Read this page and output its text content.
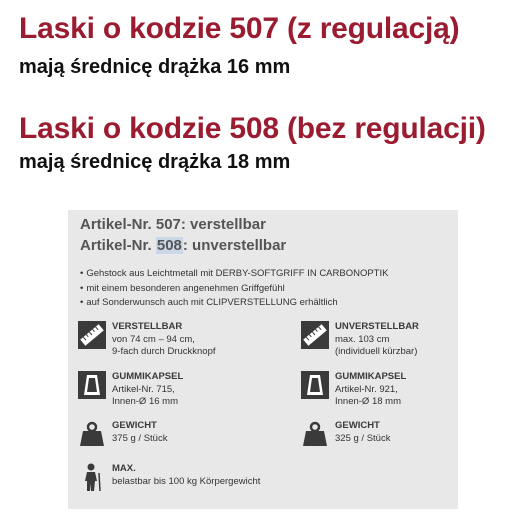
Laski o kodzie 507 (z regulacją)

mają średnicę drążka 16 mm

Laski o kodzie 508 (bez regulacji)

mają średnicę drążka 18 mm

Artikel-Nr. 507: verstellbar
Artikel-Nr. 508: unverstellbar
• Gehstock aus Leichtmetall mit DERBY-SOFTGRIFF IN CARBONOPTIK
• mit einem besonderen angenehmen Griffgefühl
• auf Sonderwunsch auch mit CLIPVERSTELLUNG erhältlich
VERSTELLBAR
von 74 cm – 94 cm,
9-fach durch Druckknopf
GUMMIKAPSEL
Artikel-Nr. 715,
Innen-Ø 16 mm
GEWICHT
375 g / Stück
UNVERSTELLBAR
max. 103 cm
(individuell kürzbar)
GUMMIKAPSEL
Artikel-Nr. 921,
Innen-Ø 18 mm
GEWICHT
325 g / Stück
MAX.
belastbar bis 100 kg Körpergewicht
